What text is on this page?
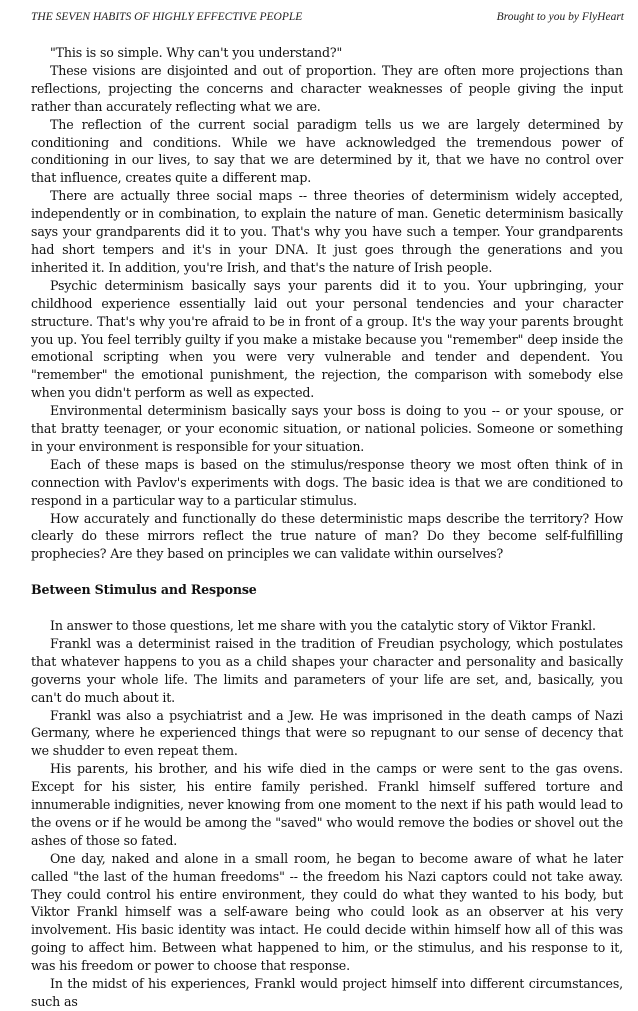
THE SEVEN HABITS OF HIGHLY EFFECTIVE PEOPLE	Brought to you by FlyHeart

"This is so simple. Why can't you understand?"

These visions are disjointed and out of proportion. They are often more projections than reflections, projecting the concerns and character weaknesses of people giving the input rather than accurately reflecting what we are.

The reflection of the current social paradigm tells us we are largely determined by conditioning and conditions. While we have acknowledged the tremendous power of conditioning in our lives, to say that we are determined by it, that we have no control over that influence, creates quite a different map.

There are actually three social maps -- three theories of determinism widely accepted, independently or in combination, to explain the nature of man. Genetic determinism basically says your grandparents did it to you. That's why you have such a temper. Your grandparents had short tempers and it's in your DNA. It just goes through the generations and you inherited it. In addition, you're Irish, and that's the nature of Irish people.

Psychic determinism basically says your parents did it to you. Your upbringing, your childhood experience essentially laid out your personal tendencies and your character structure. That's why you're afraid to be in front of a group. It's the way your parents brought you up. You feel terribly guilty if you make a mistake because you "remember" deep inside the emotional scripting when you were very vulnerable and tender and dependent. You "remember" the emotional punishment, the rejection, the comparison with somebody else when you didn't perform as well as expected.

Environmental determinism basically says your boss is doing to you -- or your spouse, or that bratty teenager, or your economic situation, or national policies. Someone or something in your environment is responsible for your situation.

Each of these maps is based on the stimulus/response theory we most often think of in connection with Pavlov's experiments with dogs. The basic idea is that we are conditioned to respond in a particular way to a particular stimulus.

How accurately and functionally do these deterministic maps describe the territory? How clearly do these mirrors reflect the true nature of man? Do they become self-fulfilling prophecies? Are they based on principles we can validate within ourselves?

Between Stimulus and Response

In answer to those questions, let me share with you the catalytic story of Viktor Frankl.

Frankl was a determinist raised in the tradition of Freudian psychology, which postulates that whatever happens to you as a child shapes your character and personality and basically governs your whole life. The limits and parameters of your life are set, and, basically, you can't do much about it.

Frankl was also a psychiatrist and a Jew. He was imprisoned in the death camps of Nazi Germany, where he experienced things that were so repugnant to our sense of decency that we shudder to even repeat them.

His parents, his brother, and his wife died in the camps or were sent to the gas ovens. Except for his sister, his entire family perished. Frankl himself suffered torture and innumerable indignities, never knowing from one moment to the next if his path would lead to the ovens or if he would be among the "saved" who would remove the bodies or shovel out the ashes of those so fated.

One day, naked and alone in a small room, he began to become aware of what he later called "the last of the human freedoms" -- the freedom his Nazi captors could not take away. They could control his entire environment, they could do what they wanted to his body, but Viktor Frankl himself was a self-aware being who could look as an observer at his very involvement. His basic identity was intact. He could decide within himself how all of this was going to affect him. Between what happened to him, or the stimulus, and his response to it, was his freedom or power to choose that response.

In the midst of his experiences, Frankl would project himself into different circumstances, such as
